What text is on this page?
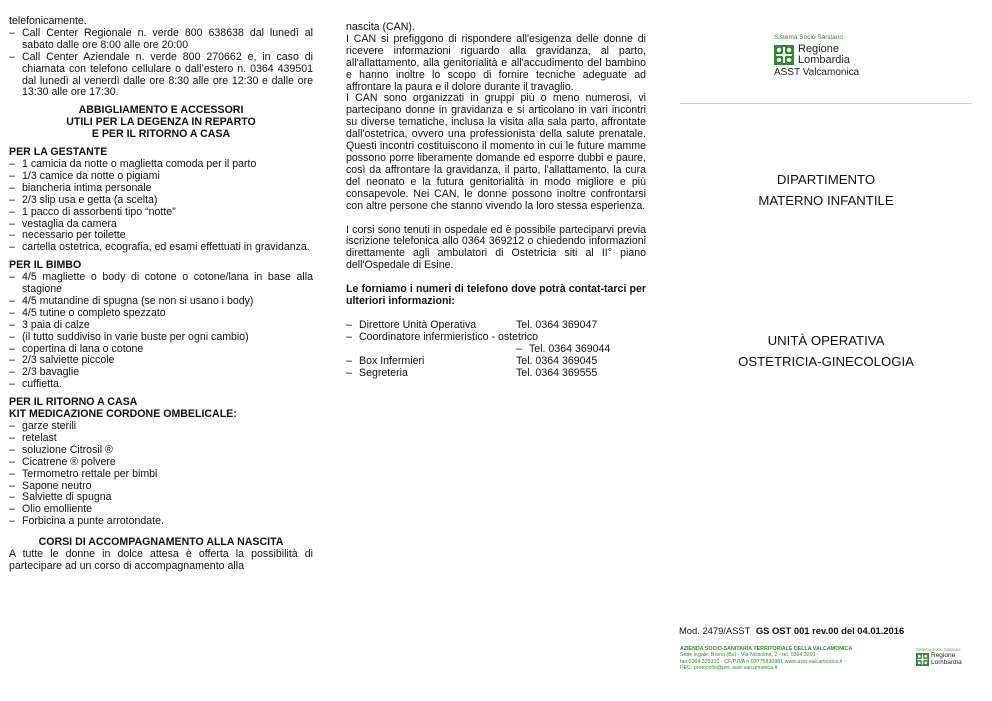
telefonicamente.
– Call Center Regionale n. verde 800 638638 dal lunedì al sabato dalle ore 8:00 alle ore 20:00
– Call Center Aziendale n. verde 800 270662 e, in caso di chiamata con telefono cellulare o dall’estero n. 0364 439501 dal lunedì al venerdì dalle ore 8:30 alle ore 12:30 e dalle ore 13:30 alle ore 17:30.
ABBIGLIAMENTO E ACCESSORI
UTILI PER LA DEGENZA IN REPARTO
E PER IL RITORNO A CASA
PER LA GESTANTE
– 1 camicia da notte o maglietta comoda per il parto
– 1/3 camice da notte o pigiami
– biancheria intima personale
– 2/3 slip usa e getta (a scelta)
– 1 pacco di assorbenti tipo “notte”
– vestaglia da camera
– necessario per toilette
– cartella ostetrica, ecografia, ed esami effettuati in gravidanza.
PER IL BIMBO
– 4/5 magliette o body di cotone o cotone/lana in base alla stagione
– 4/5 mutandine di spugna (se non si usano i body)
– 4/5 tutine o completo spezzato
– 3 paia di calze
– (il tutto suddiviso in varie buste per ogni cambio)
– copertina di lana o cotone
– 2/3 salviette piccole
– 2/3 bavaglie
– cuffietta.
PER IL RITORNO A CASA
KIT MEDICAZIONE CORDONE OMBELICALE:
– garze sterili
– retelast
– soluzione Citrosil ®
– Cicatrene ® polvere
– Termometro rettale per bimbi
– Sapone neutro
– Salviette di spugna
– Olio emolliente
– Forbicina a punte arrotondate.
CORSI DI ACCOMPAGNAMENTO ALLA NASCITA
A tutte le donne in dolce attesa è offerta la possibilità di partecipare ad un corso di accompagnamento alla
nascita (CAN).
I CAN si prefiggono di rispondere all'esigenza delle donne di ricevere informazioni riguardo alla gravidanza, al parto, all'allattamento, alla genitorialità e all'accudimento del bambino e hanno inoltre lo scopo di fornire tecniche adeguate ad affrontare la paura e il dolore durante il travaglio.
I CAN sono organizzati in gruppi più o meno numerosi, vi partecipano donne in gravidanza e si articolano in vari incontri su diverse tematiche, inclusa la visita alla sala parto, affrontate dall'ostetrica, ovvero una professionista della salute prenatale. Questi incontri costituiscono il momento in cui le future mamme possono porre liberamente domande ed esporre dubbi e paure, così da affrontare la gravidanza, il parto, l'allattamento, la cura del neonato e la futura genitorialità in modo migliore e più consapevole. Nei CAN, le donne possono inoltre confrontarsi con altre persone che stanno vivendo la loro stessa esperienza.
I corsi sono tenuti in ospedale ed è possibile parteciparvi previa iscrizione telefonica allo 0364 369212 o chiedendo informazioni direttamente agli ambulatori di Ostetricia siti al II° piano dell'Ospedale di Esine.
Le forniamo i numeri di telefono dove potrà contat-tarci per ulteriori informazioni:
– Direttore Unità Operativa	Tel. 0364 369047
– Coordinatore infermieristico - ostetrico
– Tel. 0364 369044
– Box Infermieri	Tel. 0364 369045
– Segreteria	Tel. 0364 369555
Sistema Socio Sanitario
Regione
Lombardia
ASST Valcamonica
DIPARTIMENTO
MATERNO INFANTILE
UNITÀ OPERATIVA
OSTETRICIA-GINECOLOGIA
Mod. 2479/ASST GS OST 001 rev.00 del 04.01.2016
AZIENDA SOCIO-SANITARIA TERRITORIALE DELLA VALCAMONICA
Sede legale: Breno (Bs) - Via Nissolina, 2 - tel. 0364.3291 -
fax 0364.329310 - CF/P.IVA n.03775830981 www.asst-valcamonica.it
PEC: protocollo@pec.asst-valcamonica.it
Sistema Socio Sanitario
Regione
Lombardia
